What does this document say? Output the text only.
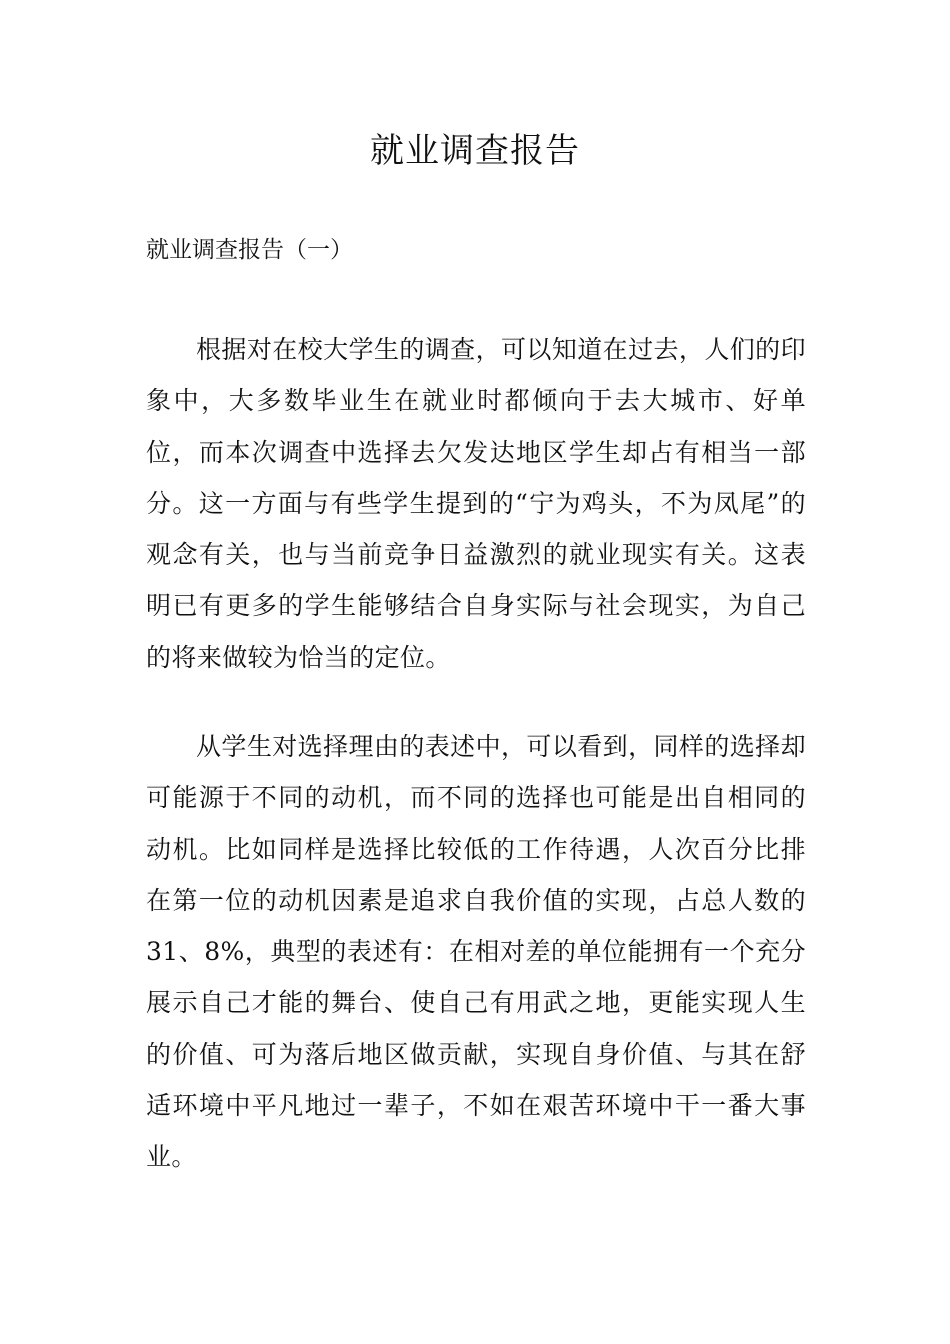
就业调查报告

就业调查报告（一）

根据对在校大学生的调查，可以知道在过去，人们的印象中，大多数毕业生在就业时都倾向于去大城市、好单位，而本次调查中选择去欠发达地区学生却占有相当一部分。这一方面与有些学生提到的“宁为鸡头，不为凤尾”的观念有关，也与当前竞争日益激烈的就业现实有关。这表明已有更多的学生能够结合自身实际与社会现实，为自己的将来做较为恰当的定位。

从学生对选择理由的表述中，可以看到，同样的选择却可能源于不同的动机，而不同的选择也可能是出自相同的动机。比如同样是选择比较低的工作待遇，人次百分比排在第一位的动机因素是追求自我价值的实现，占总人数的31、8%，典型的表述有：在相对差的单位能拥有一个充分展示自己才能的舞台、使自己有用武之地，更能实现人生的价值、可为落后地区做贡献，实现自身价值、与其在舒适环境中平凡地过一辈子，不如在艰苦环境中干一番大事业。
